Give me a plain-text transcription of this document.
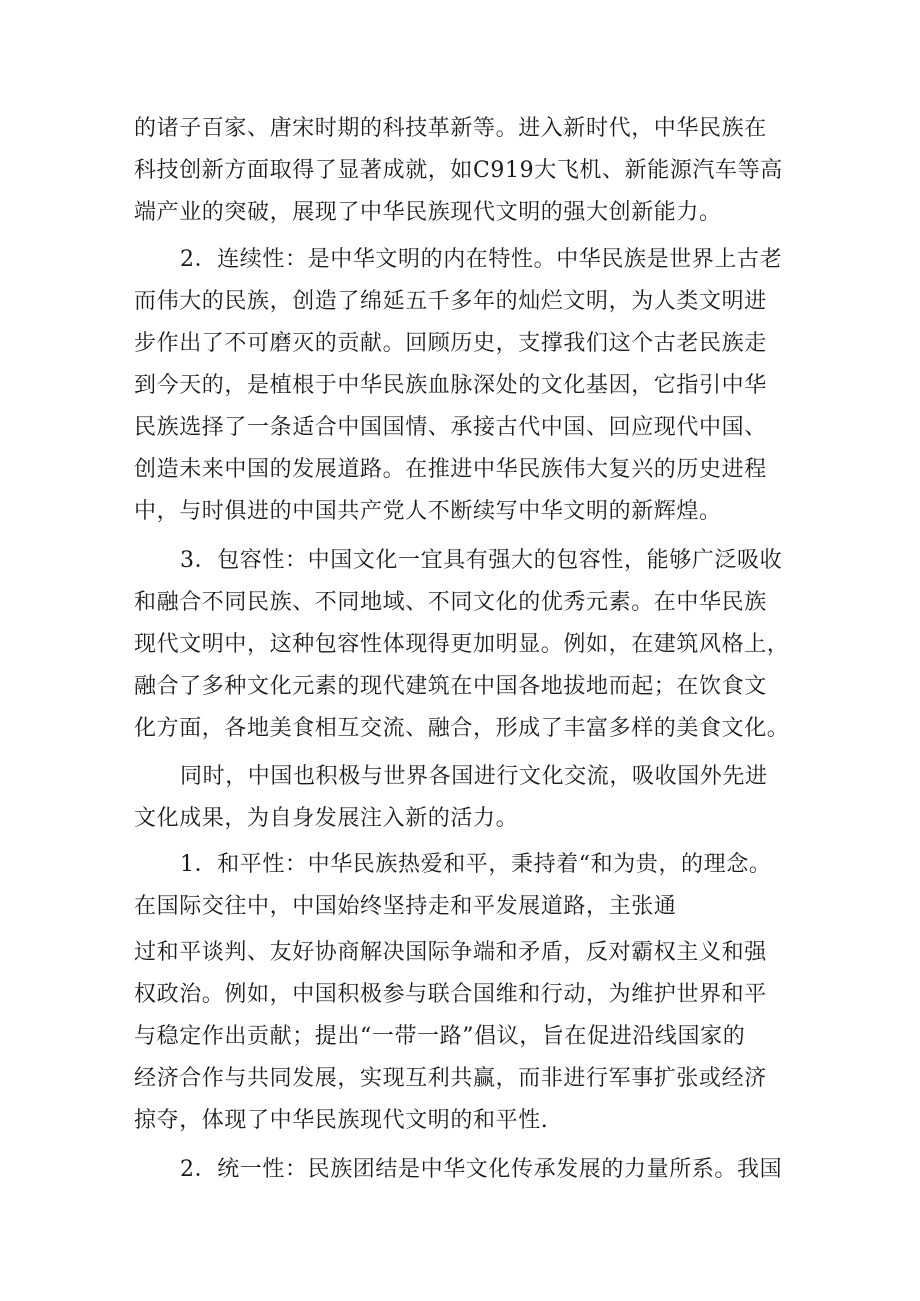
的诸子百家、唐宋时期的科技革新等。进入新时代，中华民族在
科技创新方面取得了显著成就，如C919大飞机、新能源汽车等高
端产业的突破，展现了中华民族现代文明的强大创新能力。
2．连续性：是中华文明的内在特性。中华民族是世界上古老
而伟大的民族，创造了绵延五千多年的灿烂文明，为人类文明进
步作出了不可磨灭的贡献。回顾历史，支撑我们这个古老民族走
到今天的，是植根于中华民族血脉深处的文化基因，它指引中华
民族选择了一条适合中国国情、承接古代中国、回应现代中国、
创造未来中国的发展道路。在推进中华民族伟大复兴的历史进程
中，与时俱进的中国共产党人不断续写中华文明的新辉煌。
3．包容性：中国文化一宜具有强大的包容性，能够广泛吸收
和融合不同民族、不同地域、不同文化的优秀元素。在中华民族
现代文明中，这种包容性体现得更加明显。例如，在建筑风格上，
融合了多种文化元素的现代建筑在中国各地拔地而起；在饮食文
化方面，各地美食相互交流、融合，形成了丰富多样的美食文化。
同时，中国也积极与世界各国进行文化交流，吸收国外先进
文化成果，为自身发展注入新的活力。
1．和平性：中华民族热爱和平，秉持着“和为贵，的理念。
在国际交往中，中国始终坚持走和平发展道路，主张通
过和平谈判、友好协商解决国际争端和矛盾，反对霸权主义和强
权政治。例如，中国积极参与联合国维和行动，为维护世界和平
与稳定作出贡献；提出“一带一路”倡议，旨在促进沿线国家的
经济合作与共同发展，实现互利共赢，而非进行军事扩张或经济
掠夺，体现了中华民族现代文明的和平性.
2．统一性：民族团结是中华文化传承发展的力量所系。我国
